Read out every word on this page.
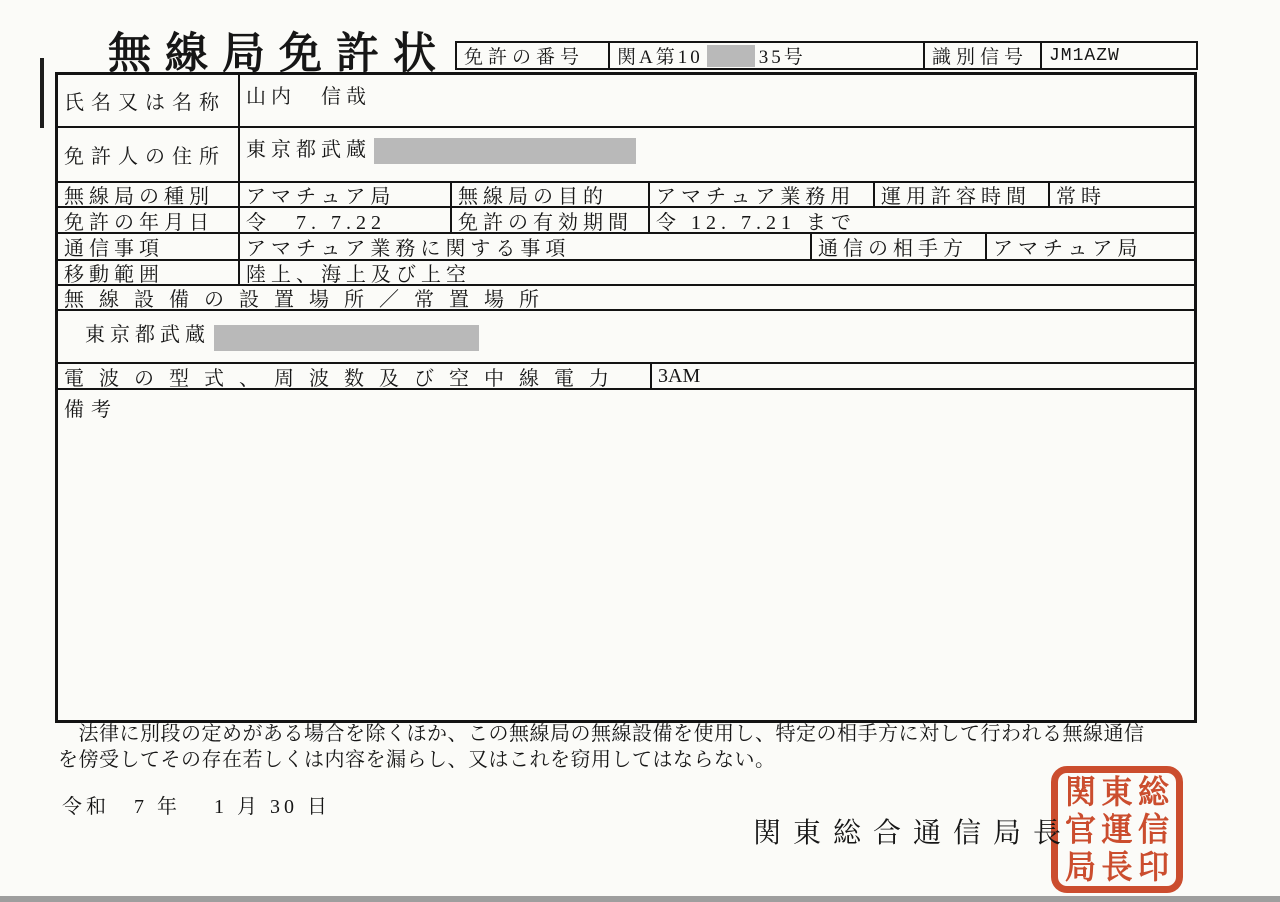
無線局免許状 免許の番号	関A第10	35号	識別信号	JM1AZW
氏名又は名称	山内　信哉
免許人の住所	東京都武蔵
無線局の種別	アマチュア局	無線局の目的	アマチュア業務用	運用許容時間	常時
免許の年月日	令　7. 7.22	免許の有効期間	令 12. 7.21 まで
通信事項	アマチュア業務に関する事項	通信の相手方	アマチュア局
移動範囲	陸上、海上及び上空
無線設備の設置場所／常置場所
東京都武蔵
電波の型式、周波数及び空中線電力	3AM
備考
　法律に別段の定めがある場合を除くほか、この無線局の無線設備を使用し、特定の相手方に対して行われる無線通信
を傍受してその存在若しくは内容を漏らし、又はこれを窃用してはならない。
令和　7 年　 1 月 30 日
関東総合通信局長
関
官
局
東
運
長
総
信
印
